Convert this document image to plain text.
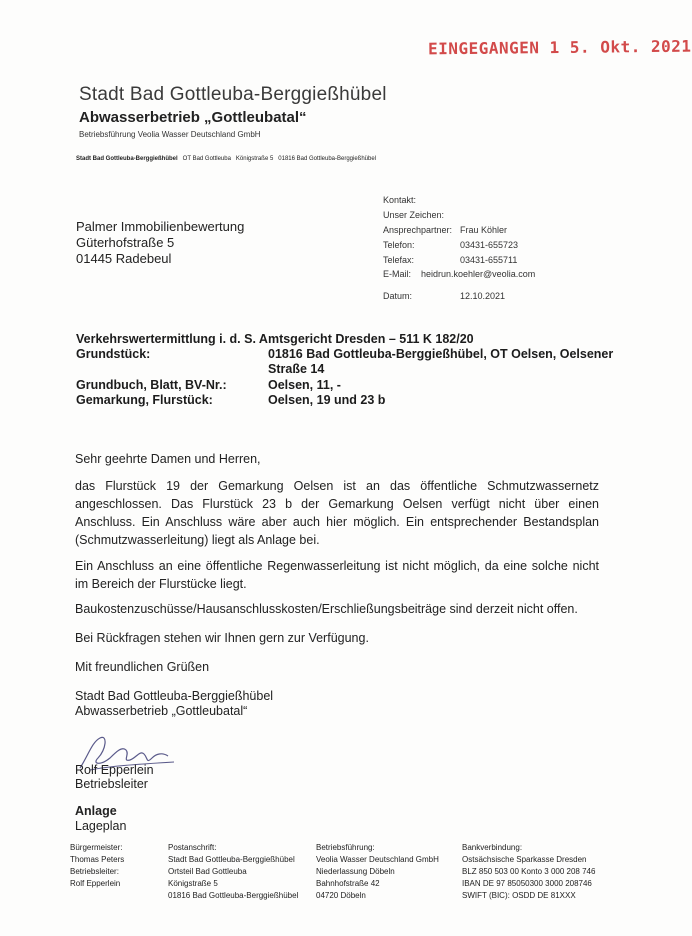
EINGEGANGEN 1 5. Okt. 2021
Stadt Bad Gottleuba-Berggießhübel
Abwasserbetrieb „Gottleubatal“
Betriebsführung Veolia Wasser Deutschland GmbH
Stadt Bad Gottleuba-Berggießhübel   OT Bad Gottleuba   Königstraße 5   01816 Bad Gottleuba-Berggießhübel
Palmer Immobilienbewertung
Güterhofstraße 5
01445 Radebeul
Kontakt:
Unser Zeichen:
Ansprechpartner: Frau Köhler
Telefon:	03431-655723
Telefax:	03431-655711
E-Mail: heidrun.koehler@veolia.com
Datum:	12.10.2021
Verkehrswertermittlung i. d. S. Amtsgericht Dresden – 511 K 182/20
Grundstück:	01816 Bad Gottleuba-Berggießhübel, OT Oelsen, Oelsener
Straße 14
Grundbuch, Blatt, BV-Nr.:	Oelsen, 11, -
Gemarkung, Flurstück:	Oelsen, 19 und 23 b
Sehr geehrte Damen und Herren,
das Flurstück 19 der Gemarkung Oelsen ist an das öffentliche Schmutzwassernetz angeschlossen. Das Flurstück 23 b der Gemarkung Oelsen verfügt nicht über einen Anschluss. Ein Anschluss wäre aber auch hier möglich. Ein entsprechender Bestandsplan (Schmutzwasserleitung) liegt als Anlage bei.
Ein Anschluss an eine öffentliche Regenwasserleitung ist nicht möglich, da eine solche nicht im Bereich der Flurstücke liegt.
Baukostenzuschüsse/Hausanschlusskosten/Erschließungsbeiträge sind derzeit nicht offen.
Bei Rückfragen stehen wir Ihnen gern zur Verfügung.
Mit freundlichen Grüßen
Stadt Bad Gottleuba-Berggießhübel
Abwasserbetrieb „Gottleubatal“
Rolf Epperlein
Betriebsleiter
Anlage
Lageplan
Bürgermeister:
Thomas Peters
Betriebsleiter:
Rolf Epperlein
Postanschrift:
Stadt Bad Gottleuba-Berggießhübel
Ortsteil Bad Gottleuba
Königstraße 5
01816 Bad Gottleuba-Berggießhübel
Betriebsführung:
Veolia Wasser Deutschland GmbH
Niederlassung Döbeln
Bahnhofstraße 42
04720 Döbeln
Bankverbindung:
Ostsächsische Sparkasse Dresden
BLZ 850 503 00 Konto 3 000 208 746
IBAN DE 97 85050300 3000 208746
SWIFT (BIC): OSDD DE 81XXX
